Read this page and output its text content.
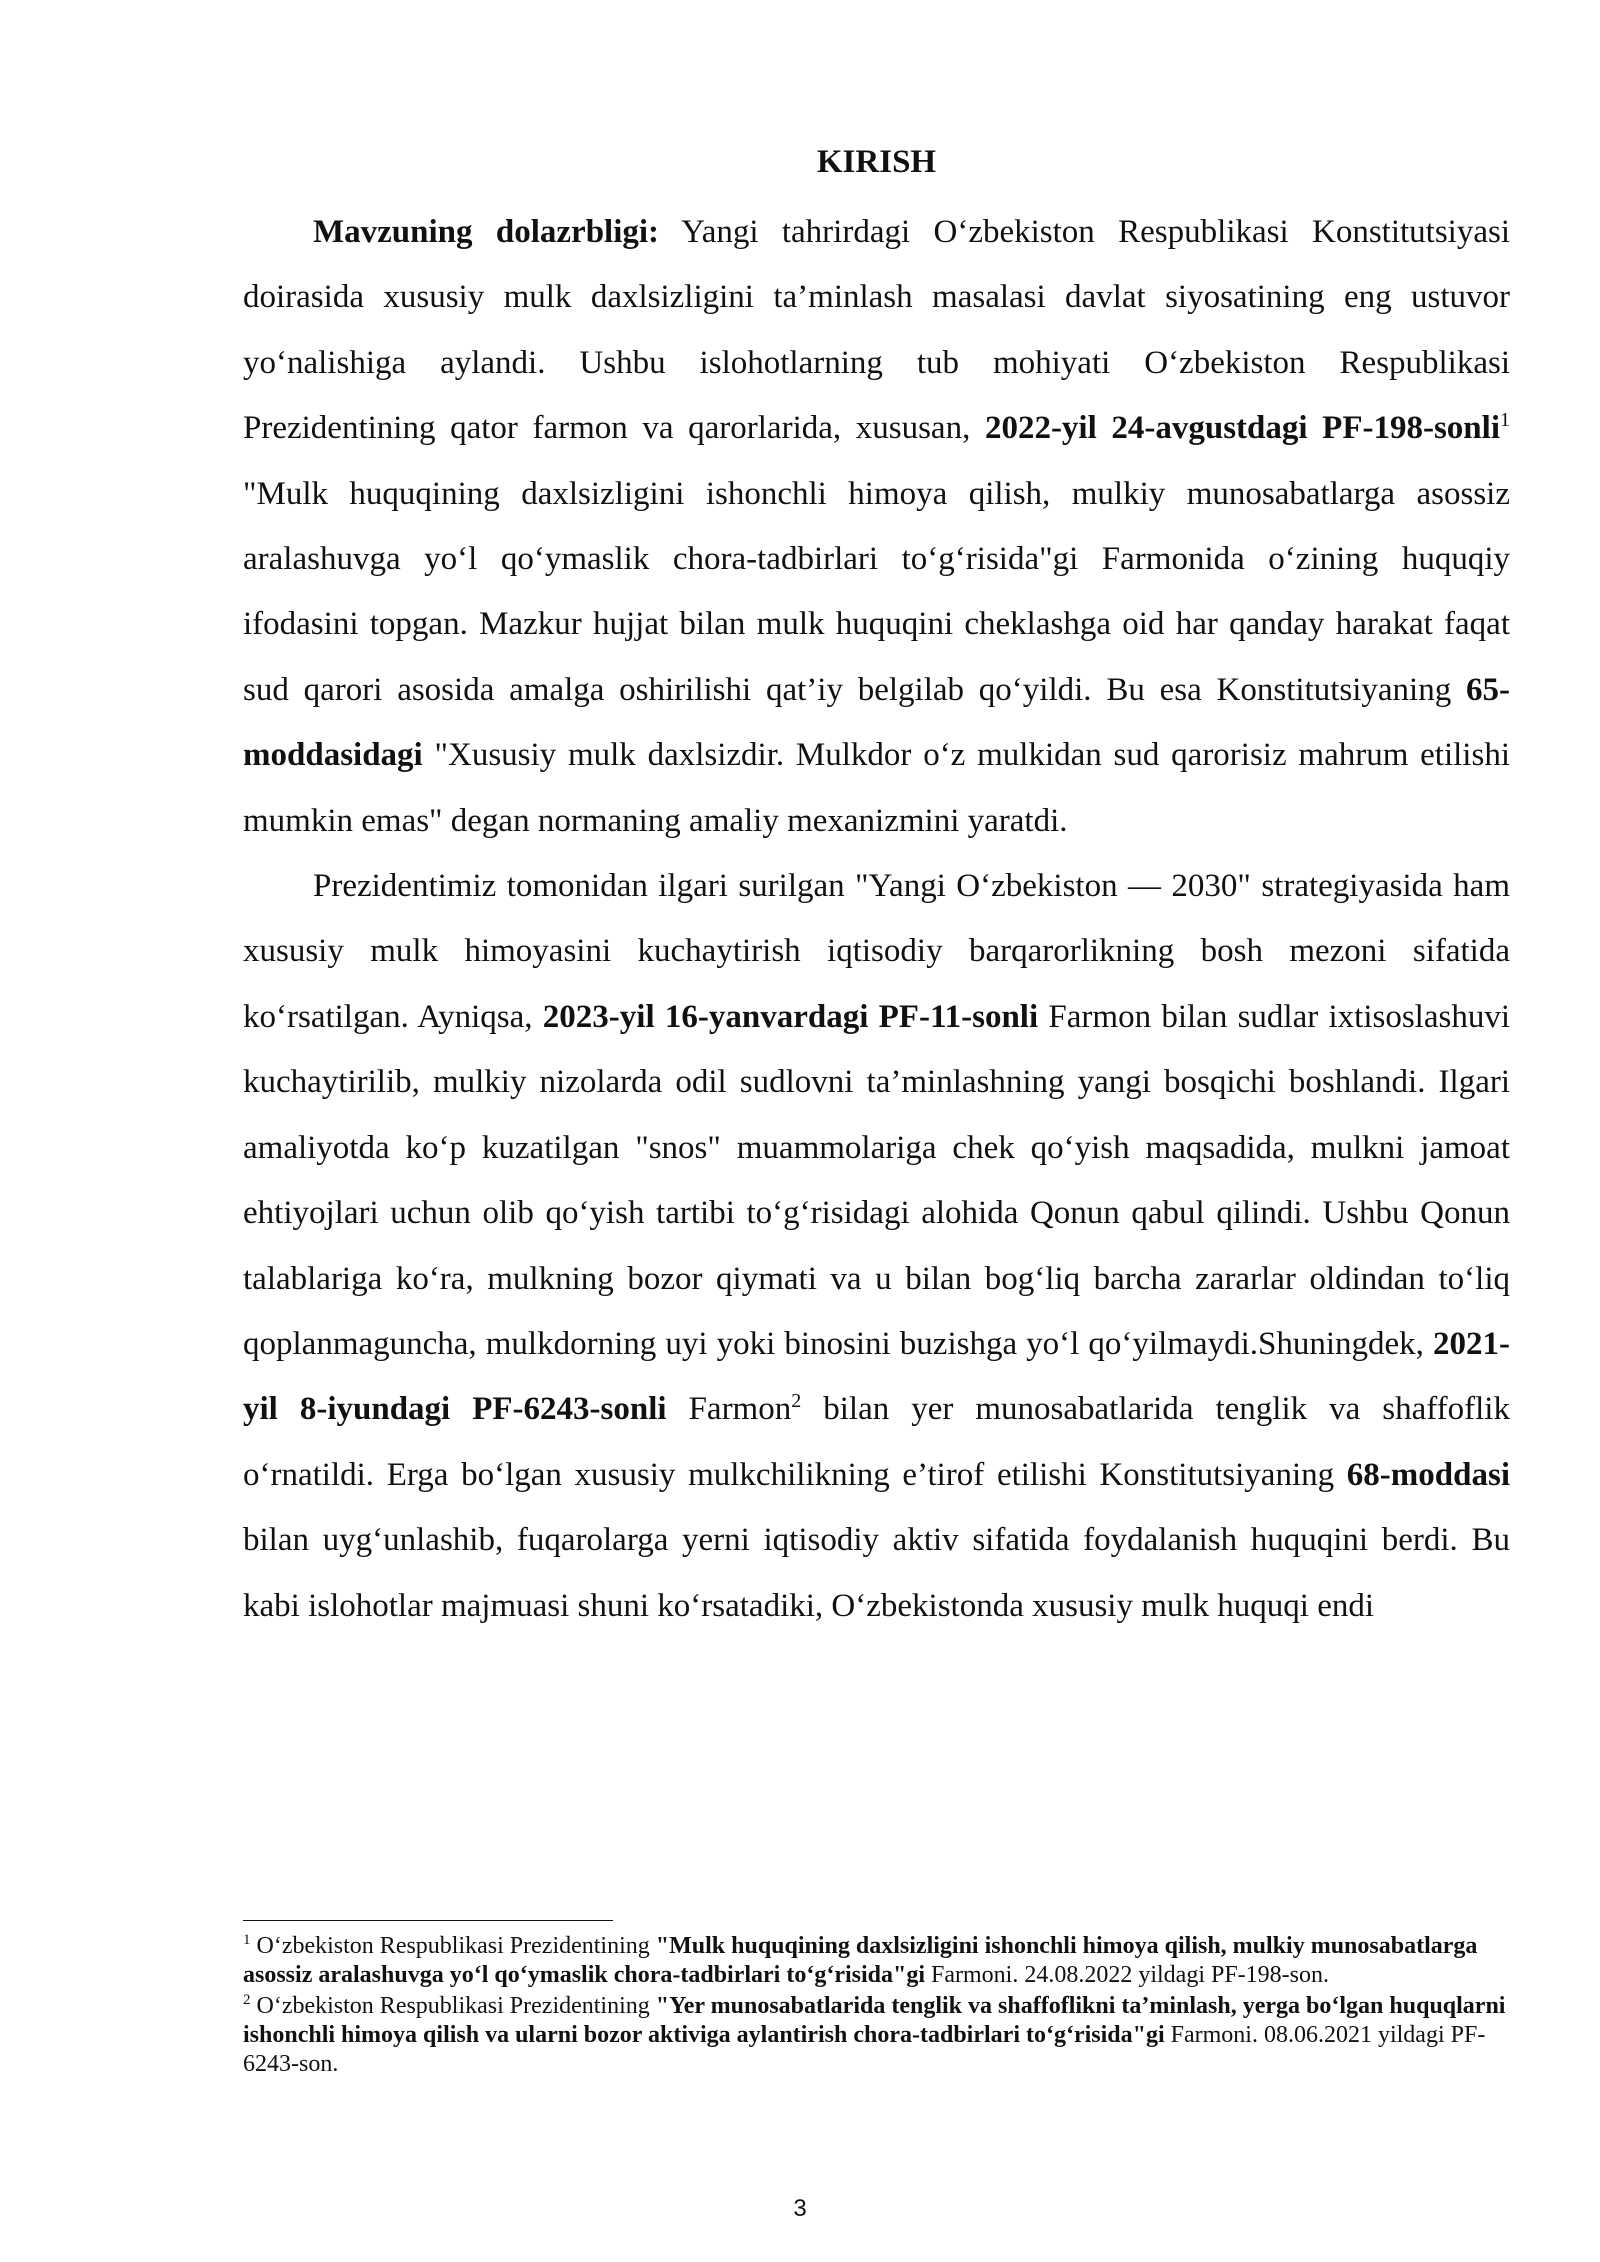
KIRISH

Mavzuning dolazrbligi: Yangi tahrirdagi O‘zbekiston Respublikasi Konstitutsiyasi doirasida xususiy mulk daxlsizligini ta’minlash masalasi davlat siyosatining eng ustuvor yo‘nalishiga aylandi. Ushbu islohotlarning tub mohiyati O‘zbekiston Respublikasi Prezidentining qator farmon va qarorlarida, xususan, 2022-yil 24-avgustdagi PF-198-sonli$^1$ "Mulk huquqining daxlsizligini ishonchli himoya qilish, mulkiy munosabatlarga asossiz aralashuvga yo‘l qo‘ymaslik chora-tadbirlari to‘g‘risida"gi Farmonida o‘zining huquqiy ifodasini topgan. Mazkur hujjat bilan mulk huquqini cheklashga oid har qanday harakat faqat sud qarori asosida amalga oshirilishi qat’iy belgilab qo‘yildi. Bu esa Konstitutsiyaning 65-moddasidagi "Xususiy mulk daxlsizdir. Mulkdor o‘z mulkidan sud qarorisiz mahrum etilishi mumkin emas" degan normaning amaliy mexanizmini yaratdi.

Prezidentimiz tomonidan ilgari surilgan "Yangi O‘zbekiston — 2030" strategiyasida ham xususiy mulk himoyasini kuchaytirish iqtisodiy barqarorlikning bosh mezoni sifatida ko‘rsatilgan. Ayniqsa, 2023-yil 16-yanvardagi PF-11-sonli Farmon bilan sudlar ixtisoslashuvi kuchaytirilib, mulkiy nizolarda odil sudlovni ta’minlashning yangi bosqichi boshlandi. Ilgari amaliyotda ko‘p kuzatilgan "snos" muammolariga chek qo‘yish maqsadida, mulkni jamoat ehtiyojlari uchun olib qo‘yish tartibi to‘g‘risidagi alohida Qonun qabul qilindi. Ushbu Qonun talablariga ko‘ra, mulkning bozor qiymati va u bilan bog‘liq barcha zararlar oldindan to‘liq qoplanmaguncha, mulkdorning uyi yoki binosini buzishga yo‘l qo‘yilmaydi.Shuningdek, 2021-yil 8-iyundagi PF-6243-sonli Farmon$^2$ bilan yer munosabatlarida tenglik va shaffoflik o‘rnatildi. Erga bo‘lgan xususiy mulkchilikning e’tirof etilishi Konstitutsiyaning 68-moddasi bilan uyg‘unlashib, fuqarolarga yerni iqtisodiy aktiv sifatida foydalanish huquqini berdi. Bu kabi islohotlar majmuasi shuni ko‘rsatadiki, O‘zbekistonda xususiy mulk huquqi endi

$^1$ O‘zbekiston Respublikasi Prezidentining "Mulk huquqining daxlsizligini ishonchli himoya qilish, mulkiy munosabatlarga asossiz aralashuvga yo‘l qo‘ymaslik chora-tadbirlari to‘g‘risida"gi Farmoni. 24.08.2022 yildagi PF-198-son.

$^2$ O‘zbekiston Respublikasi Prezidentining "Yer munosabatlarida tenglik va shaffoflikni ta’minlash, yerga bo‘lgan huquqlarni ishonchli himoya qilish va ularni bozor aktiviga aylantirish chora-tadbirlari to‘g‘risida"gi Farmoni. 08.06.2021 yildagi PF-6243-son.

3
